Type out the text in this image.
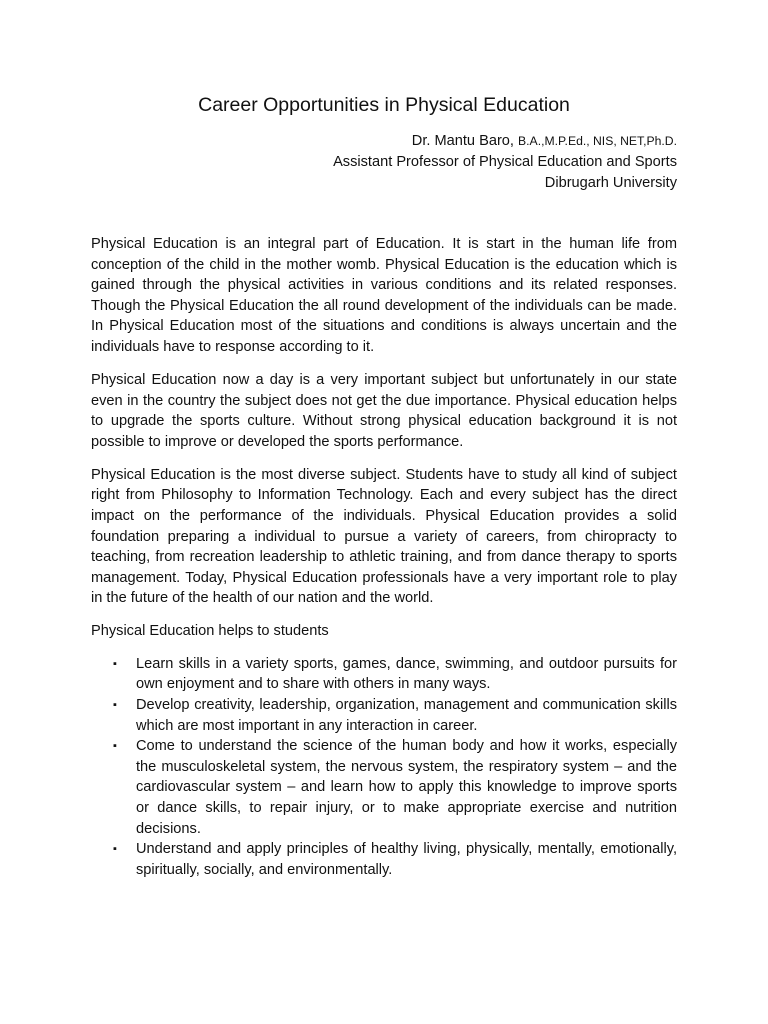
Career Opportunities in Physical Education
Dr. Mantu Baro, B.A.,M.P.Ed., NIS, NET,Ph.D.
Assistant Professor of Physical Education and Sports
Dibrugarh University

Physical Education is an integral part of Education. It is start in the human life from conception of the child in the mother womb. Physical Education is the education which is gained through the physical activities in various conditions and its related responses. Though the Physical Education the all round development of the individuals can be made. In Physical Education most of the situations and conditions is always uncertain and the individuals have to response according to it.

Physical Education now a day is a very important subject but unfortunately in our state even in the country the subject does not get the due importance. Physical education helps to upgrade the sports culture. Without strong physical education background it is not possible to improve or developed the sports performance.

Physical Education is the most diverse subject. Students have to study all kind of subject right from Philosophy to Information Technology. Each and every subject has the direct impact on the performance of the individuals. Physical Education provides a solid foundation preparing a individual to pursue a variety of careers, from chiropracty to teaching, from recreation leadership to athletic training, and from dance therapy to sports management. Today, Physical Education professionals have a very important role to play in the future of the health of our nation and the world.

Physical Education helps to students

▪ Learn skills in a variety sports, games, dance, swimming, and outdoor pursuits for own enjoyment and to share with others in many ways.
▪ Develop creativity, leadership, organization, management and communication skills which are most important in any interaction in career.
▪ Come to understand the science of the human body and how it works, especially the musculoskeletal system, the nervous system, the respiratory system – and the cardiovascular system – and learn how to apply this knowledge to improve sports or dance skills, to repair injury, or to make appropriate exercise and nutrition decisions.
▪ Understand and apply principles of healthy living, physically, mentally, emotionally, spiritually, socially, and environmentally.
